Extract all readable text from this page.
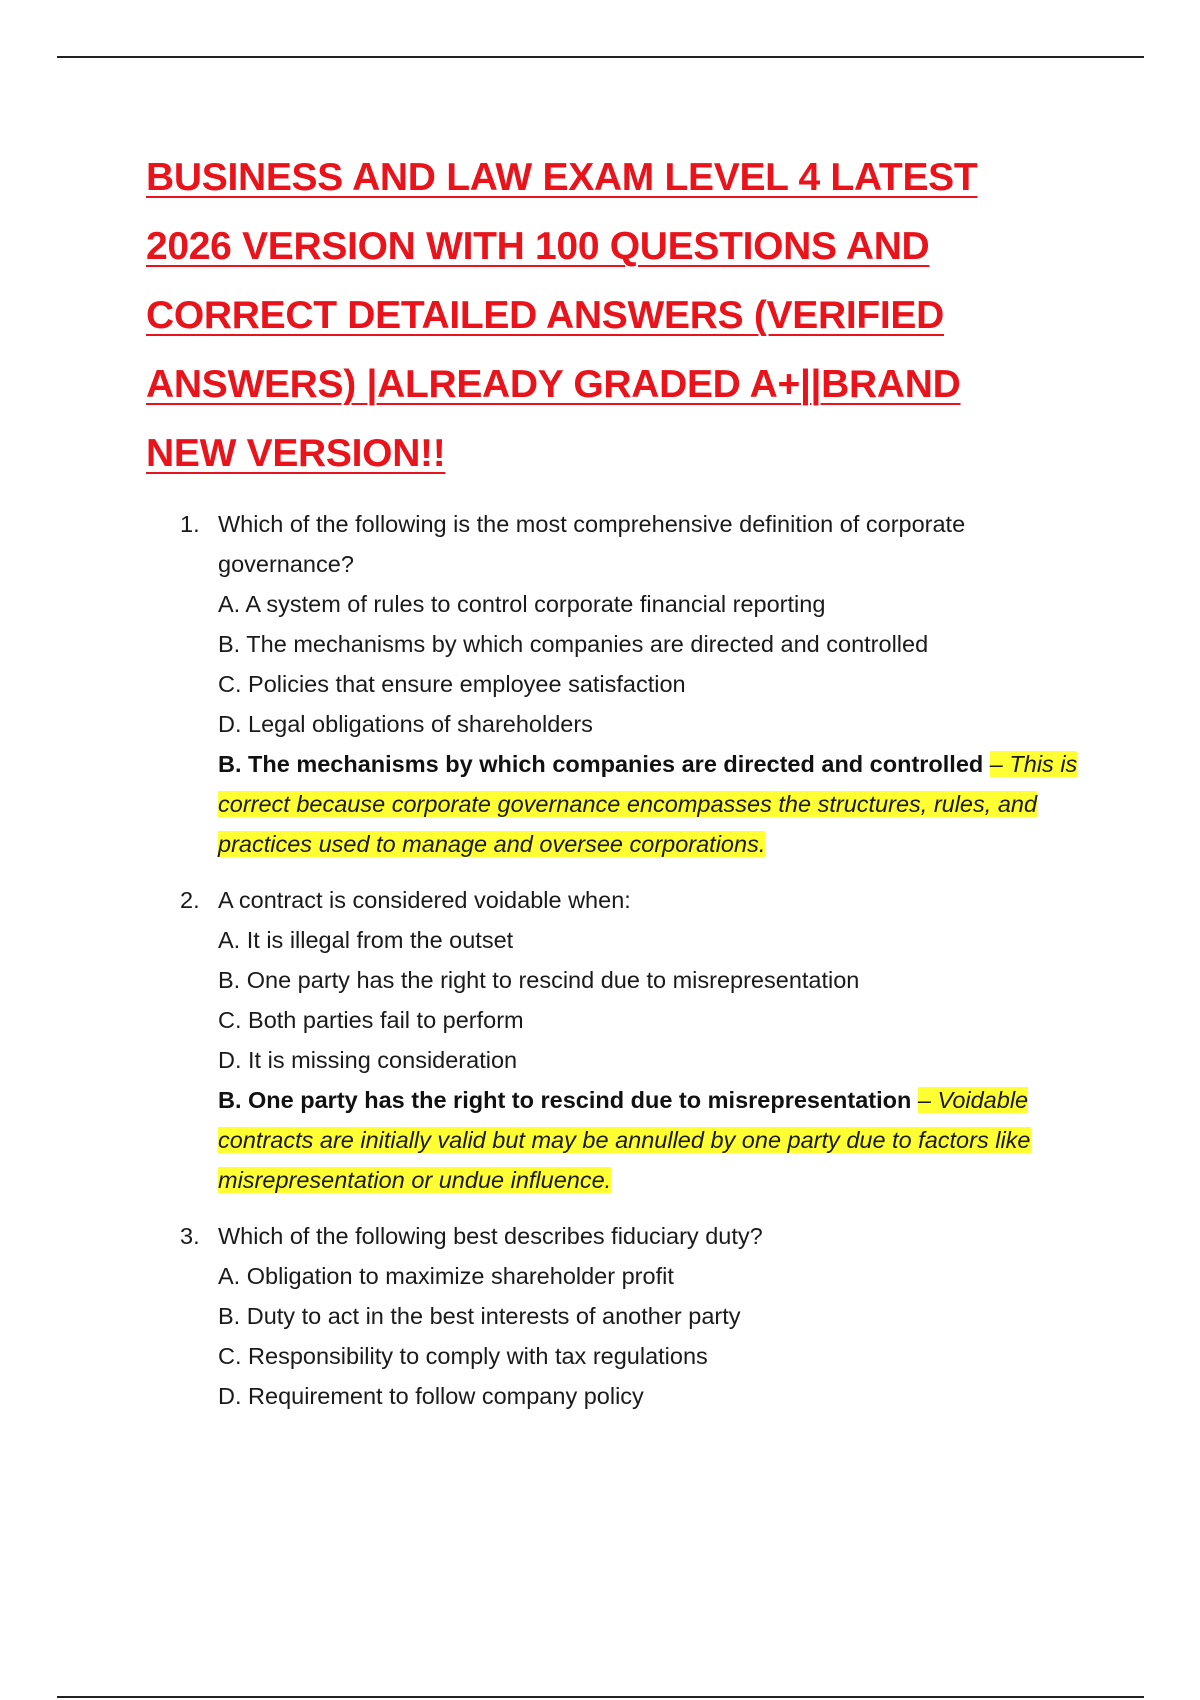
BUSINESS AND LAW EXAM LEVEL 4 LATEST 2026 VERSION WITH 100 QUESTIONS AND CORRECT DETAILED ANSWERS (VERIFIED ANSWERS) |ALREADY GRADED A+||BRAND NEW VERSION!!
1. Which of the following is the most comprehensive definition of corporate governance?
A. A system of rules to control corporate financial reporting
B. The mechanisms by which companies are directed and controlled
C. Policies that ensure employee satisfaction
D. Legal obligations of shareholders
B. The mechanisms by which companies are directed and controlled – This is correct because corporate governance encompasses the structures, rules, and practices used to manage and oversee corporations.
2. A contract is considered voidable when:
A. It is illegal from the outset
B. One party has the right to rescind due to misrepresentation
C. Both parties fail to perform
D. It is missing consideration
B. One party has the right to rescind due to misrepresentation – Voidable contracts are initially valid but may be annulled by one party due to factors like misrepresentation or undue influence.
3. Which of the following best describes fiduciary duty?
A. Obligation to maximize shareholder profit
B. Duty to act in the best interests of another party
C. Responsibility to comply with tax regulations
D. Requirement to follow company policy
